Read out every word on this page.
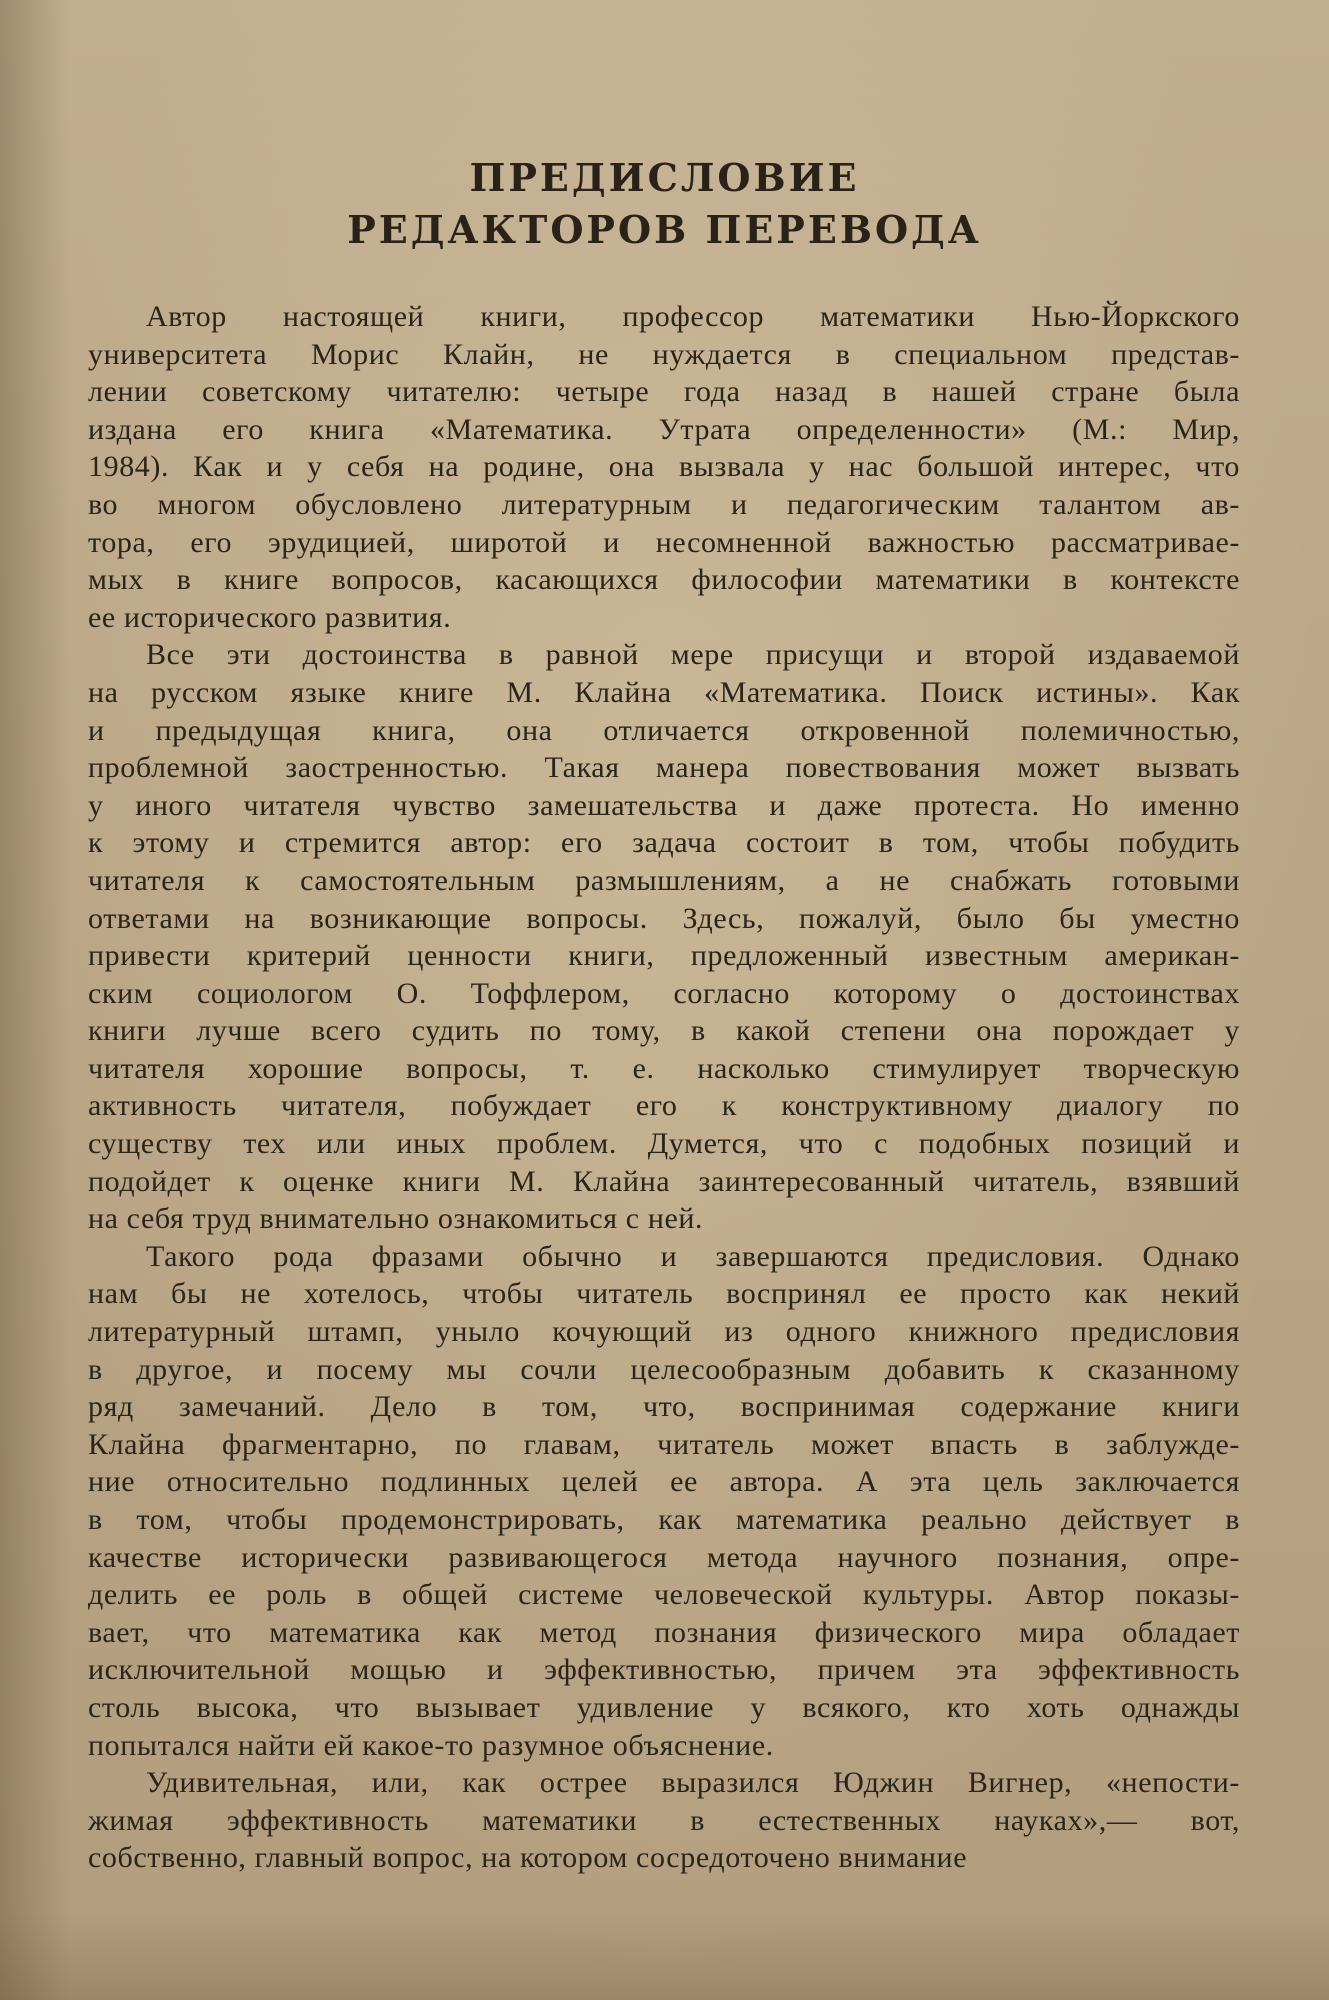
ПРЕДИСЛОВИЕ
РЕДАКТОРОВ ПЕРЕВОДА
Автор настоящей книги, профессор математики Нью-Йоркского
университета Морис Клайн, не нуждается в специальном представ-
лении советскому читателю: четыре года назад в нашей стране была
издана его книга «Математика. Утрата определенности» (М.: Мир,
1984). Как и у себя на родине, она вызвала у нас большой интерес, что
во многом обусловлено литературным и педагогическим талантом ав-
тора, его эрудицией, широтой и несомненной важностью рассматривае-
мых в книге вопросов, касающихся философии математики в контексте
ее исторического развития.
Все эти достоинства в равной мере присущи и второй издаваемой
на русском языке книге М. Клайна «Математика. Поиск истины». Как
и предыдущая книга, она отличается откровенной полемичностью,
проблемной заостренностью. Такая манера повествования может вызвать
у иного читателя чувство замешательства и даже протеста. Но именно
к этому и стремится автор: его задача состоит в том, чтобы побудить
читателя к самостоятельным размышлениям, а не снабжать готовыми
ответами на возникающие вопросы. Здесь, пожалуй, было бы уместно
привести критерий ценности книги, предложенный известным американ-
ским социологом О. Тоффлером, согласно которому о достоинствах
книги лучше всего судить по тому, в какой степени она порождает у
читателя хорошие вопросы, т. е. насколько стимулирует творческую
активность читателя, побуждает его к конструктивному диалогу по
существу тех или иных проблем. Думется, что с подобных позиций и
подойдет к оценке книги М. Клайна заинтересованный читатель, взявший
на себя труд внимательно ознакомиться с ней.
Такого рода фразами обычно и завершаются предисловия. Однако
нам бы не хотелось, чтобы читатель воспринял ее просто как некий
литературный штамп, уныло кочующий из одного книжного предисловия
в другое, и посему мы сочли целесообразным добавить к сказанному
ряд замечаний. Дело в том, что, воспринимая содержание книги
Клайна фрагментарно, по главам, читатель может впасть в заблужде-
ние относительно подлинных целей ее автора. А эта цель заключается
в том, чтобы продемонстрировать, как математика реально действует в
качестве исторически развивающегося метода научного познания, опре-
делить ее роль в общей системе человеческой культуры. Автор показы-
вает, что математика как метод познания физического мира обладает
исключительной мощью и эффективностью, причем эта эффективность
столь высока, что вызывает удивление у всякого, кто хоть однажды
попытался найти ей какое-то разумное объяснение.
Удивительная, или, как острее выразился Юджин Вигнер, «непости-
жимая эффективность математики в естественных науках»,— вот,
собственно, главный вопрос, на котором сосредоточено внимание
